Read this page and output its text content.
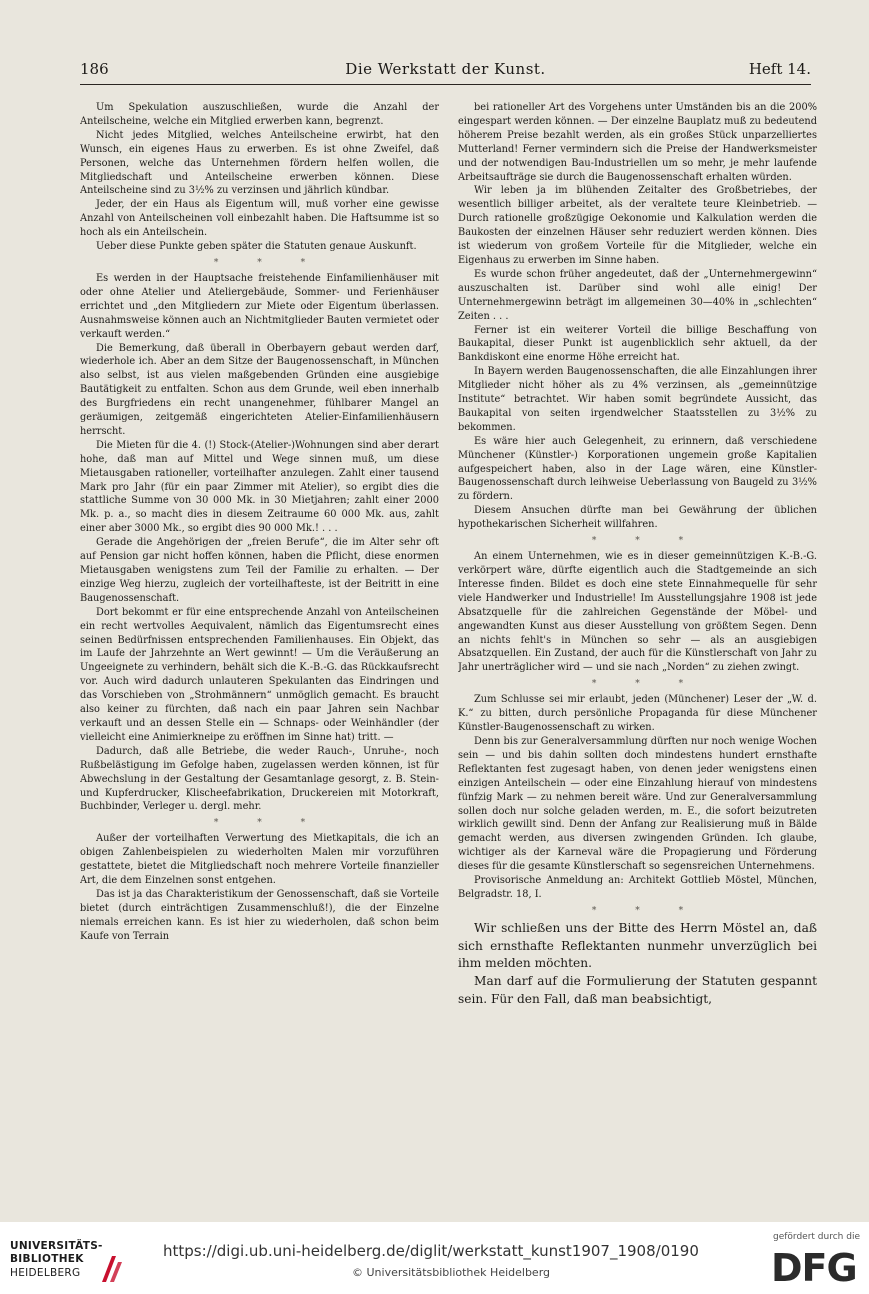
186	Die Werkstatt der Kunst.	Heft 14.

Um Spekulation auszuschließen, wurde die Anzahl der Anteilscheine, welche ein Mitglied erwerben kann, begrenzt.

Nicht jedes Mitglied, welches Anteilscheine erwirbt, hat den Wunsch, ein eigenes Haus zu erwerben. Es ist ohne Zweifel, daß Personen, welche das Unternehmen fördern helfen wollen, die Mitgliedschaft und Anteilscheine erwerben können. Diese Anteilscheine sind zu 3½% zu verzinsen und jährlich kündbar.

Jeder, der ein Haus als Eigentum will, muß vorher eine gewisse Anzahl von Anteilscheinen voll einbezahlt haben. Die Haftsumme ist so hoch als ein Anteilschein.

Ueber diese Punkte geben später die Statuten genaue Auskunft.

* * *

Es werden in der Hauptsache freistehende Einfamilienhäuser mit oder ohne Atelier und Ateliergebäude, Sommer- und Ferienhäuser errichtet und „den Mitgliedern zur Miete oder Eigentum überlassen. Ausnahmsweise können auch an Nichtmitglieder Bauten vermietet oder verkauft werden.“

Die Bemerkung, daß überall in Oberbayern gebaut werden darf, wiederhole ich. Aber an dem Sitze der Baugenossenschaft, in München also selbst, ist aus vielen maßgebenden Gründen eine ausgiebige Bautätigkeit zu entfalten. Schon aus dem Grunde, weil eben innerhalb des Burgfriedens ein recht unangenehmer, fühlbarer Mangel an geräumigen, zeitgemäß eingerichteten Atelier-Einfamilienhäusern herrscht.

Die Mieten für die 4. (!) Stock-(Atelier-)Wohnungen sind aber derart hohe, daß man auf Mittel und Wege sinnen muß, um diese Mietausgaben rationeller, vorteilhafter anzulegen. Zahlt einer tausend Mark pro Jahr (für ein paar Zimmer mit Atelier), so ergibt dies die stattliche Summe von 30 000 Mk. in 30 Mietjahren; zahlt einer 2000 Mk. p. a., so macht dies in diesem Zeitraume 60 000 Mk. aus, zahlt einer aber 3000 Mk., so ergibt dies 90 000 Mk.! . . .

Gerade die Angehörigen der „freien Berufe“, die im Alter sehr oft auf Pension gar nicht hoffen können, haben die Pflicht, diese enormen Mietausgaben wenigstens zum Teil der Familie zu erhalten. — Der einzige Weg hierzu, zugleich der vorteilhafteste, ist der Beitritt in eine Baugenossenschaft.

Dort bekommt er für eine entsprechende Anzahl von Anteilscheinen ein recht wertvolles Aequivalent, nämlich das Eigentumsrecht eines seinen Bedürfnissen entsprechenden Familienhauses. Ein Objekt, das im Laufe der Jahrzehnte an Wert gewinnt! — Um die Veräußerung an Ungeeignete zu verhindern, behält sich die K.-B.-G. das Rückkaufsrecht vor. Auch wird dadurch unlauteren Spekulanten das Eindringen und das Vorschieben von „Strohmännern“ unmöglich gemacht. Es braucht also keiner zu fürchten, daß nach ein paar Jahren sein Nachbar verkauft und an dessen Stelle ein — Schnaps- oder Weinhändler (der vielleicht eine Animierkneipe zu eröffnen im Sinne hat) tritt. —

Dadurch, daß alle Betriebe, die weder Rauch-, Unruhe-, noch Rußbelästigung im Gefolge haben, zugelassen werden können, ist für Abwechslung in der Gestaltung der Gesamtanlage gesorgt, z. B. Stein- und Kupferdrucker, Klischeefabrikation, Druckereien mit Motorkraft, Buchbinder, Verleger u. dergl. mehr.

* * *

Außer der vorteilhaften Verwertung des Mietkapitals, die ich an obigen Zahlenbeispielen zu wiederholten Malen mir vorzuführen gestattete, bietet die Mitgliedschaft noch mehrere Vorteile finanzieller Art, die dem Einzelnen sonst entgehen.

Das ist ja das Charakteristikum der Genossenschaft, daß sie Vorteile bietet (durch einträchtigen Zusammenschluß!), die der Einzelne niemals erreichen kann. Es ist hier zu wiederholen, daß schon beim Kaufe von Terrain

bei rationeller Art des Vorgehens unter Umständen bis an die 200% eingespart werden können. — Der einzelne Bauplatz muß zu bedeutend höherem Preise bezahlt werden, als ein großes Stück unparzelliertes Mutterland! Ferner vermindern sich die Preise der Handwerksmeister und der notwendigen Bau-Industriellen um so mehr, je mehr laufende Arbeitsaufträge sie durch die Baugenossenschaft erhalten würden.

Wir leben ja im blühenden Zeitalter des Großbetriebes, der wesentlich billiger arbeitet, als der veraltete teure Kleinbetrieb. — Durch rationelle großzügige Oekonomie und Kalkulation werden die Baukosten der einzelnen Häuser sehr reduziert werden können. Dies ist wiederum von großem Vorteile für die Mitglieder, welche ein Eigenhaus zu erwerben im Sinne haben.

Es wurde schon früher angedeutet, daß der „Unternehmergewinn“ auszuschalten ist. Darüber sind wohl alle einig! Der Unternehmergewinn beträgt im allgemeinen 30—40% in „schlechten“ Zeiten . . .

Ferner ist ein weiterer Vorteil die billige Beschaffung von Baukapital, dieser Punkt ist augenblicklich sehr aktuell, da der Bankdiskont eine enorme Höhe erreicht hat.

In Bayern werden Baugenossenschaften, die alle Einzahlungen ihrer Mitglieder nicht höher als zu 4% verzinsen, als „gemeinnützige Institute“ betrachtet. Wir haben somit begründete Aussicht, das Baukapital von seiten irgendwelcher Staatsstellen zu 3½% zu bekommen.

Es wäre hier auch Gelegenheit, zu erinnern, daß verschiedene Münchener (Künstler-) Korporationen ungemein große Kapitalien aufgespeichert haben, also in der Lage wären, eine Künstler-Baugenossenschaft durch leihweise Ueberlassung von Baugeld zu 3½% zu fördern.

Diesem Ansuchen dürfte man bei Gewährung der üblichen hypothekarischen Sicherheit willfahren.

* * *

An einem Unternehmen, wie es in dieser gemeinnützigen K.-B.-G. verkörpert wäre, dürfte eigentlich auch die Stadtgemeinde an sich Interesse finden. Bildet es doch eine stete Einnahmequelle für sehr viele Handwerker und Industrielle! Im Ausstellungsjahre 1908 ist jede Absatzquelle für die zahlreichen Gegenstände der Möbel- und angewandten Kunst aus dieser Ausstellung von größtem Segen. Denn an nichts fehlt's in München so sehr — als an ausgiebigen Absatzquellen. Ein Zustand, der auch für die Künstlerschaft von Jahr zu Jahr unerträglicher wird — und sie nach „Norden“ zu ziehen zwingt.

* * *

Zum Schlusse sei mir erlaubt, jeden (Münchener) Leser der „W. d. K.“ zu bitten, durch persönliche Propaganda für diese Münchener Künstler-Baugenossenschaft zu wirken.

Denn bis zur Generalversammlung dürften nur noch wenige Wochen sein — und bis dahin sollten doch mindestens hundert ernsthafte Reflektanten fest zugesagt haben, von denen jeder wenigstens einen einzigen Anteilschein — oder eine Einzahlung hierauf von mindestens fünfzig Mark — zu nehmen bereit wäre. Und zur Generalversammlung sollen doch nur solche geladen werden, m. E., die sofort beizutreten wirklich gewillt sind. Denn der Anfang zur Realisierung muß in Bälde gemacht werden, aus diversen zwingenden Gründen. Ich glaube, wichtiger als der Karneval wäre die Propagierung und Förderung dieses für die gesamte Künstlerschaft so segensreichen Unternehmens.

Provisorische Anmeldung an: Architekt Gottlieb Möstel, München, Belgradstr. 18, I.

* * *

Wir schließen uns der Bitte des Herrn Möstel an, daß sich ernsthafte Reflektanten nunmehr unverzüglich bei ihm melden möchten.

Man darf auf die Formulierung der Statuten gespannt sein. Für den Fall, daß man beabsichtigt,

UNIVERSITÄTS-
BIBLIOTHEK
HEIDELBERG
https://digi.ub.uni-heidelberg.de/diglit/werkstatt_kunst1907_1908/0190
© Universitätsbibliothek Heidelberg
gefördert durch die
DFG
